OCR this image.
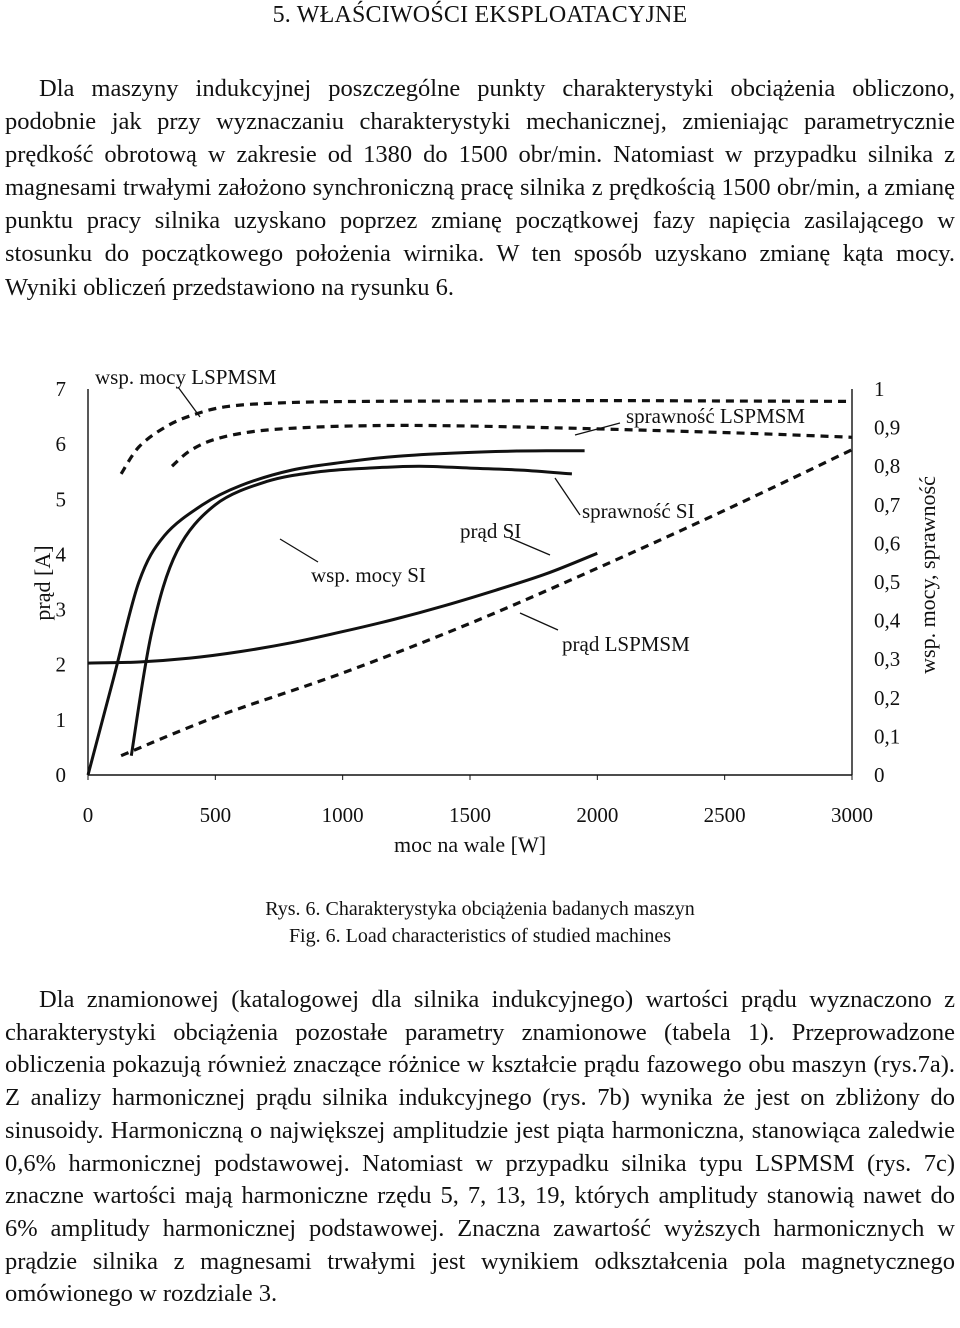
5. WŁAŚCIWOŚCI EKSPLOATACYJNE

Dla maszyny indukcyjnej poszczególne punkty charakterystyki obciążenia obliczono, podobnie jak przy wyznaczaniu charakterystyki mechanicznej, zmieniając parametrycznie prędkość obrotową w zakresie od 1380 do 1500 obr/min. Natomiast w przypadku silnika z magnesami trwałymi założono synchroniczną pracę silnika z prędkością 1500 obr/min, a zmianę punktu pracy silnika uzyskano poprzez zmianę początkowej fazy napięcia zasilającego w stosunku do początkowego położenia wirnika. W ten sposób uzyskano zmianę kąta mocy. Wyniki obliczeń przedstawiono na rysunku 6.

0	500	1000	1500	2000	2500	3000
0
1
2
3
4
5
6
7
0
0,1
0,2
0,3
0,4
0,5
0,6
0,7
0,8
0,9
1
wsp. mocy LSPMSM
sprawność LSPMSM
sprawność SI
prąd SI
wsp. mocy SI
prąd LSPMSM
moc na wale [W]
prąd [A]	wsp. mocy, sprawność
Rys. 6. Charakterystyka obciążenia badanych maszyn
Fig. 6. Load characteristics of studied machines

Dla znamionowej (katalogowej dla silnika indukcyjnego) wartości prądu wyznaczono z charakterystyki obciążenia pozostałe parametry znamionowe (tabela 1). Przeprowadzone obliczenia pokazują również znaczące różnice w kształcie prądu fazowego obu maszyn (rys.7a). Z analizy harmonicznej prądu silnika indukcyjnego (rys. 7b) wynika że jest on zbliżony do sinusoidy. Harmoniczną o największej amplitudzie jest piąta harmoniczna, stanowiąca zaledwie 0,6% harmonicznej podstawowej. Natomiast w przypadku silnika typu LSPMSM (rys. 7c) znaczne wartości mają harmoniczne rzędu 5, 7, 13, 19, których amplitudy stanowią nawet do 6% amplitudy harmonicznej podstawowej. Znaczna zawartość wyższych harmonicznych w prądzie silnika z magnesami trwałymi jest wynikiem odkształcenia pola magnetycznego omówionego w rozdziale 3.
